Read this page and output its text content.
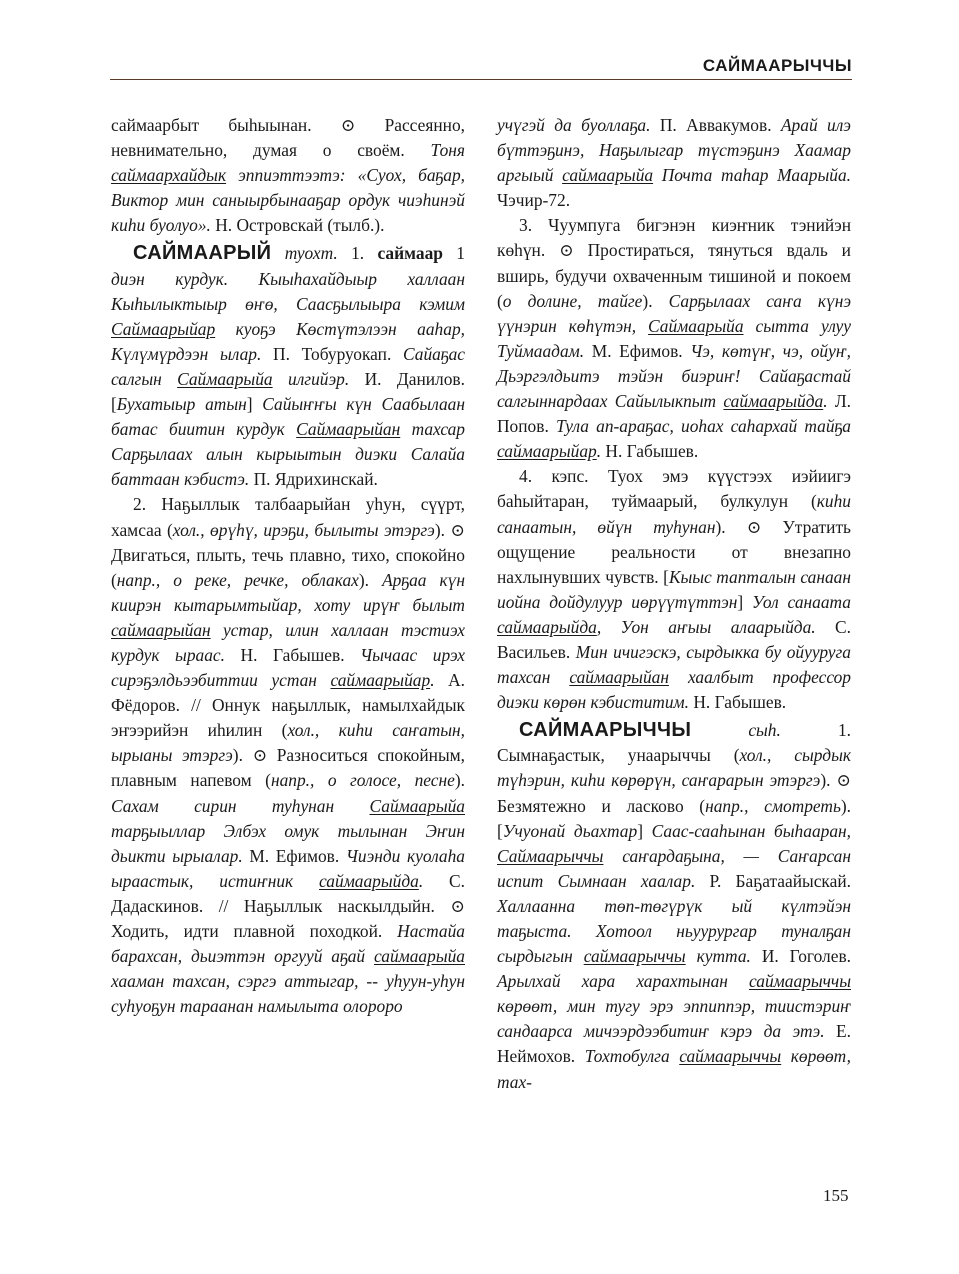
САЙМААРЫЧЧЫ

саймаарбыт быһыынан. ⊙ Рассеянно, невнимательно, думая о своём. Тоня саймаархайдык эппиэттээтэ: «Суох, баҕар, Виктор мин саныырбынааҕар ордук чиэһинэй киһи буолуо». Н. Островскай (тылб.).

САЙМААРЫЙ туохт. 1. саймаар 1 диэн курдук. Кыыһахайдыыр халлаан Кыһылыктыыр өҥө, Саасҕылыыра кэмим Саймаарыйар куоҕэ Көстүтэлээн ааһар, Күлүмүрдээн ылар. П. Тобуруокап. Сайаҕас салгын Саймаарыйа илгийэр. И. Данилов. [Бухатыыр атын] Сайыҥҥы күн Саабылаан батас биитин курдук Саймаарыйан тахсар Сарҕылаах алын кырыытын диэки Салайа баттаан кэбистэ. П. Ядрихинскай.

2. Наҕыллык талбаарыйан уһун, сүүрт, хамсаа (хол., өрүһү, ирэҕи, былыты этэргэ). ⊙ Двигаться, плыть, течь плавно, тихо, спокойно (напр., о реке, речке, облаках). Арҕаа күн киирэн кытарымтыйар, хоту ирүҥ былыт саймаарыйан устар, илин халлаан тэстиэх курдук ыраас. Н. Габышев. Чычаас ирэх сирэҕэлдьээбиттии устан саймаарыйар. А. Фёдоров. // Оннук наҕыллык, намылхайдык эҥээрийэн иһилин (хол., киһи саҥатын, ырыаны этэргэ). ⊙ Разноситься спокойным, плавным напевом (напр., о голосе, песне). Сахам сирин туһунан Саймаарыйа тарҕыыллар Элбэх омук тылынан Эҥин дьикти ырыалар. М. Ефимов. Чиэнди куолаһа ыраастык, истиҥник саймаарыйда. С. Дадаскинов. // Наҕыллык наскылдыйн. ⊙ Ходить, идти плавной походкой. Настайа барахсан, дьиэттэн оргууй аҕай саймаарыйа хааман тахсан, сэргэ аттыгар, -- уһуун-уһун суһуоҕун тараанан намылыта олороро

учүгэй да буоллаҕа. П. Аввакумов. Арай илэ бүттэҕинэ, Наҕылыгар түстэҕинэ Хаамар аргыый саймаарыйа Почта таһар Маарыйа. Чэчир-72.

3. Чуумпуга бигэнэн киэҥник тэнийэн көһүн. ⊙ Простираться, тянуться вдаль и вширь, будучи охваченным тишиной и покоем (о долине, тайге). Сарҕылаах саҥа күнэ үүнэрин көһүтэн, Саймаарыйа сытта улуу Туймаадам. М. Ефимов. Чэ, көтүҥ, чэ, ойуҥ, Дьэргэлдьитэ тэйэн биэриҥ! Сайаҕастай салгыннардаах Сайылыкпыт саймаарыйда. Л. Попов. Тула ап-араҕас, иоһах саһархай тайҕа саймаарыйар. Н. Габышев.

4. кэпс. Туох эмэ күүстээх иэйиигэ баһыйтаран, туймаарый, булкулун (киһи санаатын, өйүн туһунан). ⊙ Утратить ощущение реальности от внезапно нахлынувших чувств. [Кыыс тапталын санаан иойна дойдулуур иөрүүтүттэн] Уол санаата саймаарыйда, Уон аҥыы алаарыйда. С. Васильев. Мин ичигэскэ, сырдыкка бу ойууруга тахсан саймаарыйан хаалбыт профессор диэки көрөн кэбиститим. Н. Габышев.

САЙМААРЫЧЧЫ	сыһ. 1. Сымнаҕастык, унаарыччы (хол., сырдык түһэрин, киһи көрөрүн, саҥарарын этэргэ). ⊙ Безмятежно и ласково (напр., смотреть). [Учуонай дьахтар] Саас-сааһынан быһааран, Саймаарыччы саҥардаҕына, — Саҥарсан испит Сымнаан хаалар. Р. Баҕатаайыскай. Халлаанна төп-төгүрүк ый күлтэйэн таҕыста. Хотоол ньуурургар туналҕан сырдыгын саймаарыччы кутта. И. Гоголев. Арылхай хара харахтынан саймаарыччы көрөөт, мин тугу эрэ эппиппэр, тиистэриҥ сандаарса мичээрдээбитиҥ кэрэ да этэ. Е. Неймохов. Тохтобулга саймаарыччы көрөөт, тах-

155
